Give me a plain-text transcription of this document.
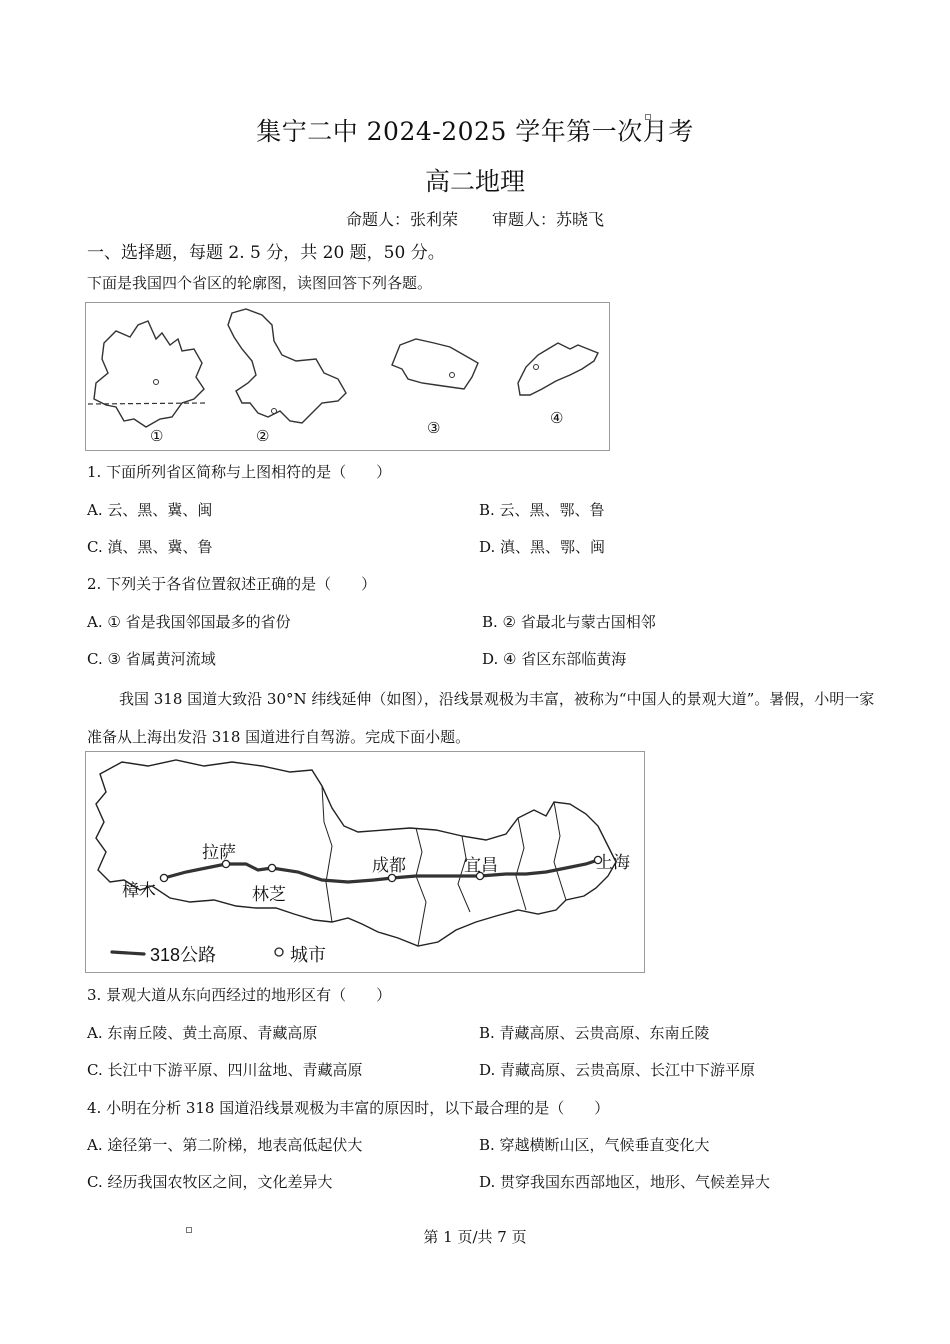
集宁二中 2024-2025 学年第一次月考
高二地理
命题人：张利荣 审题人：苏晓飞
一、选择题，每题 2. 5 分，共 20 题，50 分。
下面是我国四个省区的轮廓图，读图回答下列各题。
①	②	③
④
1. 下面所列省区简称与上图相符的是（　　）
A. 云、黑、冀、闽	B. 云、黑、鄂、鲁
C. 滇、黑、冀、鲁	D. 滇、黑、鄂、闽
2. 下列关于各省位置叙述正确的是（　　）
A. ① 省是我国邻国最多的省份	B. ② 省最北与蒙古国相邻
C. ③ 省属黄河流域	D. ④ 省区东部临黄海
我国 318 国道大致沿 30°N 纬线延伸（如图），沿线景观极为丰富，被称为“中国人的景观大道”。暑假，小明一家准备从上海出发沿 318 国道进行自驾游。完成下面小题。
拉萨
樟木	林芝
成都	宜昌	上海
318公路	城市
3. 景观大道从东向西经过的地形区有（　　）
A. 东南丘陵、黄土高原、青藏高原	B. 青藏高原、云贵高原、东南丘陵
C. 长江中下游平原、四川盆地、青藏高原	D. 青藏高原、云贵高原、长江中下游平原
4. 小明在分析 318 国道沿线景观极为丰富的原因时，以下最合理的是（　　）
A. 途径第一、第二阶梯，地表高低起伏大	B. 穿越横断山区，气候垂直变化大
C. 经历我国农牧区之间，文化差异大	D. 贯穿我国东西部地区，地形、气候差异大
第 1 页/共 7 页
